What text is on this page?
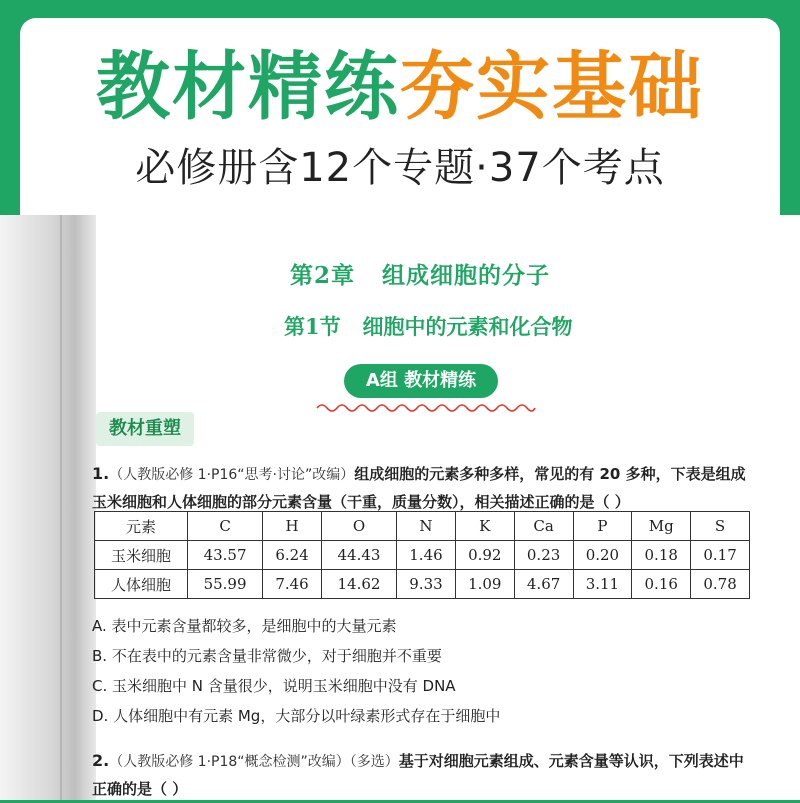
教材精练夯实基础
必修册含12个专题·37个考点
第2章   组成细胞的分子
第1节   细胞中的元素和化合物
A组 教材精练
教材重塑
1.（人教版必修 1·P16“思考·讨论”改编）组成细胞的元素多种多样，常见的有 20 多种，下表是组成玉米细胞和人体细胞的部分元素含量（干重，质量分数），相关描述正确的是（ ）
元素	C	H	O	N	K	Ca	P	Mg	S
玉米细胞	43.57	6.24	44.43	1.46	0.92	0.23	0.20	0.18	0.17
人体细胞	55.99	7.46	14.62	9.33	1.09	4.67	3.11	0.16	0.78
A. 表中元素含量都较多，是细胞中的大量元素
B. 不在表中的元素含量非常微少，对于细胞并不重要
C. 玉米细胞中 N 含量很少，说明玉米细胞中没有 DNA
D. 人体细胞中有元素 Mg，大部分以叶绿素形式存在于细胞中
2.（人教版必修 1·P18“概念检测”改编）（多选）基于对细胞元素组成、元素含量等认识，下列表述中正确的是（ ）
